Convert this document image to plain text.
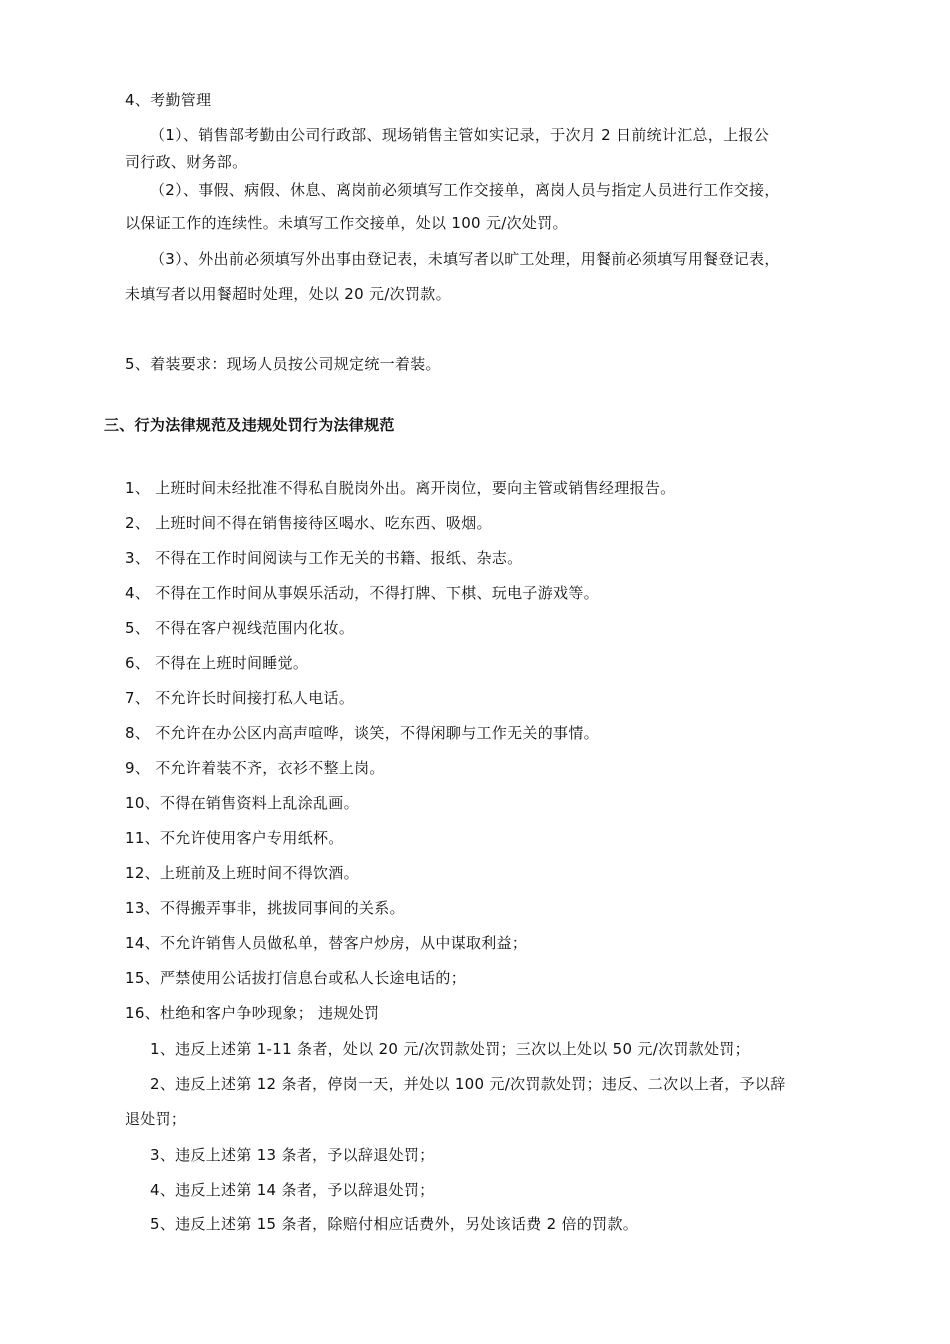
4、考勤管理
（1）、销售部考勤由公司行政部、现场销售主管如实记录，于次月 2 日前统计汇总，上报公
司行政、财务部。
（2）、事假、病假、休息、离岗前必须填写工作交接单，离岗人员与指定人员进行工作交接，
以保证工作的连续性。未填写工作交接单，处以 100 元/次处罚。
（3）、外出前必须填写外出事由登记表，未填写者以旷工处理，用餐前必须填写用餐登记表，
未填写者以用餐超时处理，处以 20 元/次罚款。
5、着装要求：现场人员按公司规定统一着装。
三、行为法律规范及违规处罚行为法律规范
1、 上班时间未经批准不得私自脱岗外出。离开岗位，要向主管或销售经理报告。
2、 上班时间不得在销售接待区喝水、吃东西、吸烟。
3、 不得在工作时间阅读与工作无关的书籍、报纸、杂志。
4、 不得在工作时间从事娱乐活动，不得打牌、下棋、玩电子游戏等。
5、 不得在客户视线范围内化妆。
6、 不得在上班时间睡觉。
7、 不允许长时间接打私人电话。
8、 不允许在办公区内高声喧哗，谈笑，不得闲聊与工作无关的事情。
9、 不允许着装不齐，衣衫不整上岗。
10、不得在销售资料上乱涂乱画。
11、不允许使用客户专用纸杯。
12、上班前及上班时间不得饮酒。
13、不得搬弄事非，挑拔同事间的关系。
14、不允许销售人员做私单，替客户炒房，从中谋取利益；
15、严禁使用公话拔打信息台或私人长途电话的；
16、杜绝和客户争吵现象； 违规处罚
1、违反上述第 1-11 条者，处以 20 元/次罚款处罚；三次以上处以 50 元/次罚款处罚；
2、违反上述第 12 条者，停岗一天，并处以 100 元/次罚款处罚；违反、二次以上者，予以辞
退处罚；
3、违反上述第 13 条者，予以辞退处罚；
4、违反上述第 14 条者，予以辞退处罚；
5、违反上述第 15 条者，除赔付相应话费外，另处该话费 2 倍的罚款。
